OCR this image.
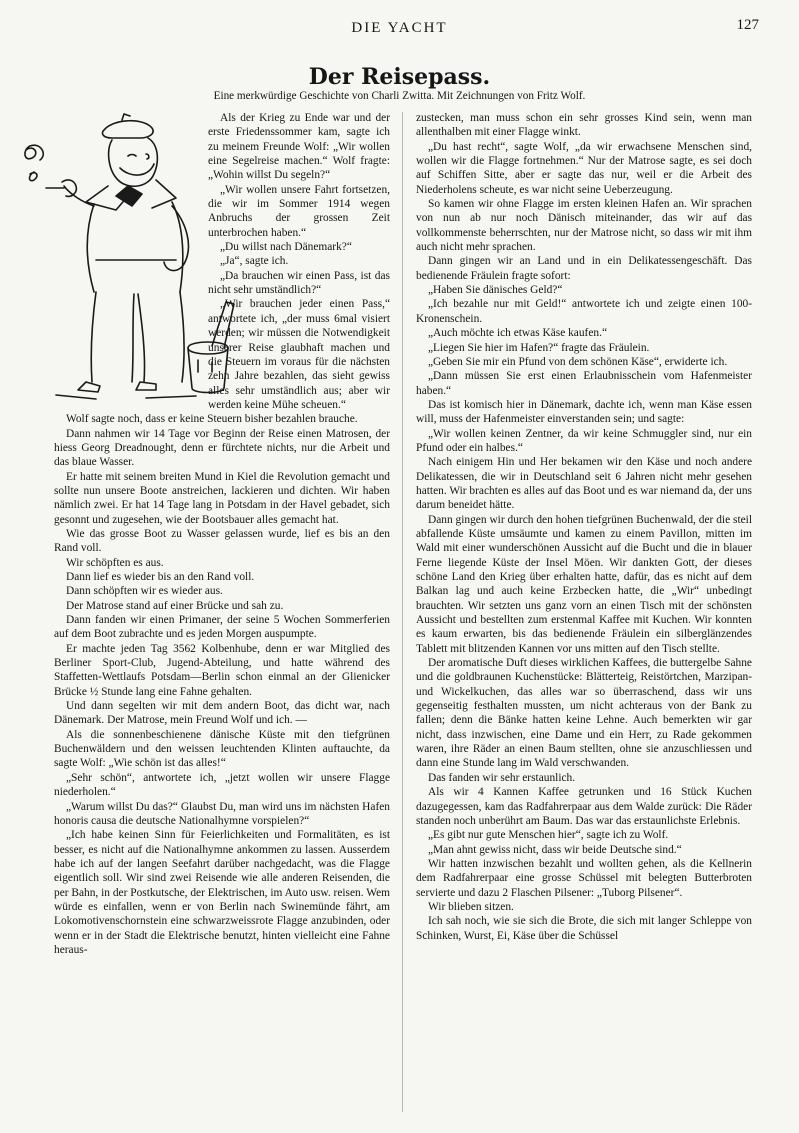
DIE YACHT	127
Der Reisepass.
Eine merkwürdige Geschichte von Charli Zwitta. Mit Zeichnungen von Fritz Wolf.

Als der Krieg zu Ende war und der erste Friedenssommer kam, sagte ich zu meinem Freunde Wolf: „Wir wollen eine Segelreise machen.“ Wolf fragte: „Wohin willst Du segeln?“

„Wir wollen unsere Fahrt fortsetzen, die wir im Sommer 1914 wegen Anbruchs der grossen Zeit unterbrochen haben.“

„Du willst nach Dänemark?“

„Ja“, sagte ich.

„Da brauchen wir einen Pass, ist das nicht sehr umständlich?“

„Wir brauchen jeder einen Pass,“ antwortete ich, „der muss 6mal visiert werden; wir müssen die Notwendigkeit unserer Reise glaubhaft machen und die Steuern im voraus für die nächsten zehn Jahre bezahlen, das sieht gewiss alles sehr umständlich aus; aber wir werden keine Mühe scheuen.“

Wolf sagte noch, dass er keine Steuern bisher bezahlen brauche.

Dann nahmen wir 14 Tage vor Beginn der Reise einen Matrosen, der hiess Georg Dreadnought, denn er fürchtete nichts, nur die Arbeit und das blaue Wasser.

Er hatte mit seinem breiten Mund in Kiel die Revolution gemacht und sollte nun unsere Boote anstreichen, lackieren und dichten. Wir haben nämlich zwei. Er hat 14 Tage lang in Potsdam in der Havel gebadet, sich gesonnt und zugesehen, wie der Bootsbauer alles gemacht hat.

Wie das grosse Boot zu Wasser gelassen wurde, lief es bis an den Rand voll.

Wir schöpften es aus.

Dann lief es wieder bis an den Rand voll.

Dann schöpften wir es wieder aus.

Der Matrose stand auf einer Brücke und sah zu.

Dann fanden wir einen Primaner, der seine 5 Wochen Sommerferien auf dem Boot zubrachte und es jeden Morgen auspumpte.

Er machte jeden Tag 3562 Kolbenhube, denn er war Mitglied des Berliner Sport-Club, Jugend-Abteilung, und hatte während des Staffetten-Wettlaufs Potsdam—Berlin schon einmal an der Glienicker Brücke ½ Stunde lang eine Fahne gehalten.

Und dann segelten wir mit dem andern Boot, das dicht war, nach Dänemark. Der Matrose, mein Freund Wolf und ich. —

Als die sonnenbeschienene dänische Küste mit den tiefgrünen Buchenwäldern und den weissen leuchtenden Klinten auftauchte, da sagte Wolf: „Wie schön ist das alles!“

„Sehr schön“, antwortete ich, „jetzt wollen wir unsere Flagge niederholen.“

„Warum willst Du das?“ Glaubst Du, man wird uns im nächsten Hafen honoris causa die deutsche Nationalhymne vorspielen?“

„Ich habe keinen Sinn für Feierlichkeiten und Formalitäten, es ist besser, es nicht auf die Nationalhymne ankommen zu lassen. Ausserdem habe ich auf der langen Seefahrt darüber nachgedacht, was die Flagge eigentlich soll. Wir sind zwei Reisende wie alle anderen Reisenden, die per Bahn, in der Postkutsche, der Elektrischen, im Auto usw. reisen. Wem würde es einfallen, wenn er von Berlin nach Swinemünde fährt, am Lokomotivenschornstein eine schwarzweissrote Flagge anzubinden, oder wenn er in der Stadt die Elektrische benutzt, hinten vielleicht eine Fahne heraus-

zustecken, man muss schon ein sehr grosses Kind sein, wenn man allenthalben mit einer Flagge winkt.

„Du hast recht“, sagte Wolf, „da wir erwachsene Menschen sind, wollen wir die Flagge fortnehmen.“ Nur der Matrose sagte, es sei doch auf Schiffen Sitte, aber er sagte das nur, weil er die Arbeit des Niederholens scheute, es war nicht seine Ueberzeugung.

So kamen wir ohne Flagge im ersten kleinen Hafen an. Wir sprachen von nun ab nur noch Dänisch miteinander, das wir auf das vollkommenste beherrschten, nur der Matrose nicht, so dass wir mit ihm auch nicht mehr sprachen.

Dann gingen wir an Land und in ein Delikatessengeschäft. Das bedienende Fräulein fragte sofort:

„Haben Sie dänisches Geld?“

„Ich bezahle nur mit Geld!“ antwortete ich und zeigte einen 100-Kronenschein.

„Auch möchte ich etwas Käse kaufen.“

„Liegen Sie hier im Hafen?“ fragte das Fräulein.

„Geben Sie mir ein Pfund von dem schönen Käse“, erwiderte ich.

„Dann müssen Sie erst einen Erlaubnisschein vom Hafenmeister haben.“

Das ist komisch hier in Dänemark, dachte ich, wenn man Käse essen will, muss der Hafenmeister einverstanden sein; und sagte:

„Wir wollen keinen Zentner, da wir keine Schmuggler sind, nur ein Pfund oder ein halbes.“

Nach einigem Hin und Her bekamen wir den Käse und noch andere Delikatessen, die wir in Deutschland seit 6 Jahren nicht mehr gesehen hatten. Wir brachten es alles auf das Boot und es war niemand da, der uns darum beneidet hätte.

Dann gingen wir durch den hohen tiefgrünen Buchenwald, der die steil abfallende Küste umsäumte und kamen zu einem Pavillon, mitten im Wald mit einer wunderschönen Aussicht auf die Bucht und die in blauer Ferne liegende Küste der Insel Möen. Wir dankten Gott, der dieses schöne Land den Krieg über erhalten hatte, dafür, das es nicht auf dem Balkan lag und auch keine Erzbecken hatte, die „Wir“ unbedingt brauchten. Wir setzten uns ganz vorn an einen Tisch mit der schönsten Aussicht und bestellten zum erstenmal Kaffee mit Kuchen. Wir konnten es kaum erwarten, bis das bedienende Fräulein ein silberglänzendes Tablett mit blitzenden Kannen vor uns mitten auf den Tisch stellte.

Der aromatische Duft dieses wirklichen Kaffees, die buttergelbe Sahne und die goldbraunen Kuchenstücke: Blätterteig, Reistörtchen, Marzipan- und Wickelkuchen, das alles war so überraschend, dass wir uns gegenseitig festhalten mussten, um nicht achteraus von der Bank zu fallen; denn die Bänke hatten keine Lehne. Auch bemerkten wir gar nicht, dass inzwischen, eine Dame und ein Herr, zu Rade gekommen waren, ihre Räder an einen Baum stellten, ohne sie anzuschliessen und dann eine Stunde lang im Wald verschwanden.

Das fanden wir sehr erstaunlich.

Als wir 4 Kannen Kaffee getrunken und 16 Stück Kuchen dazugegessen, kam das Radfahrerpaar aus dem Walde zurück: Die Räder standen noch unberührt am Baum. Das war das erstaunlichste Erlebnis.

„Es gibt nur gute Menschen hier“, sagte ich zu Wolf.

„Man ahnt gewiss nicht, dass wir beide Deutsche sind.“

Wir hatten inzwischen bezahlt und wollten gehen, als die Kellnerin dem Radfahrerpaar eine grosse Schüssel mit belegten Butterbroten servierte und dazu 2 Flaschen Pilsener: „Tuborg Pilsener“.

Wir blieben sitzen.

Ich sah noch, wie sie sich die Brote, die sich mit langer Schleppe von Schinken, Wurst, Ei, Käse über die Schüssel
